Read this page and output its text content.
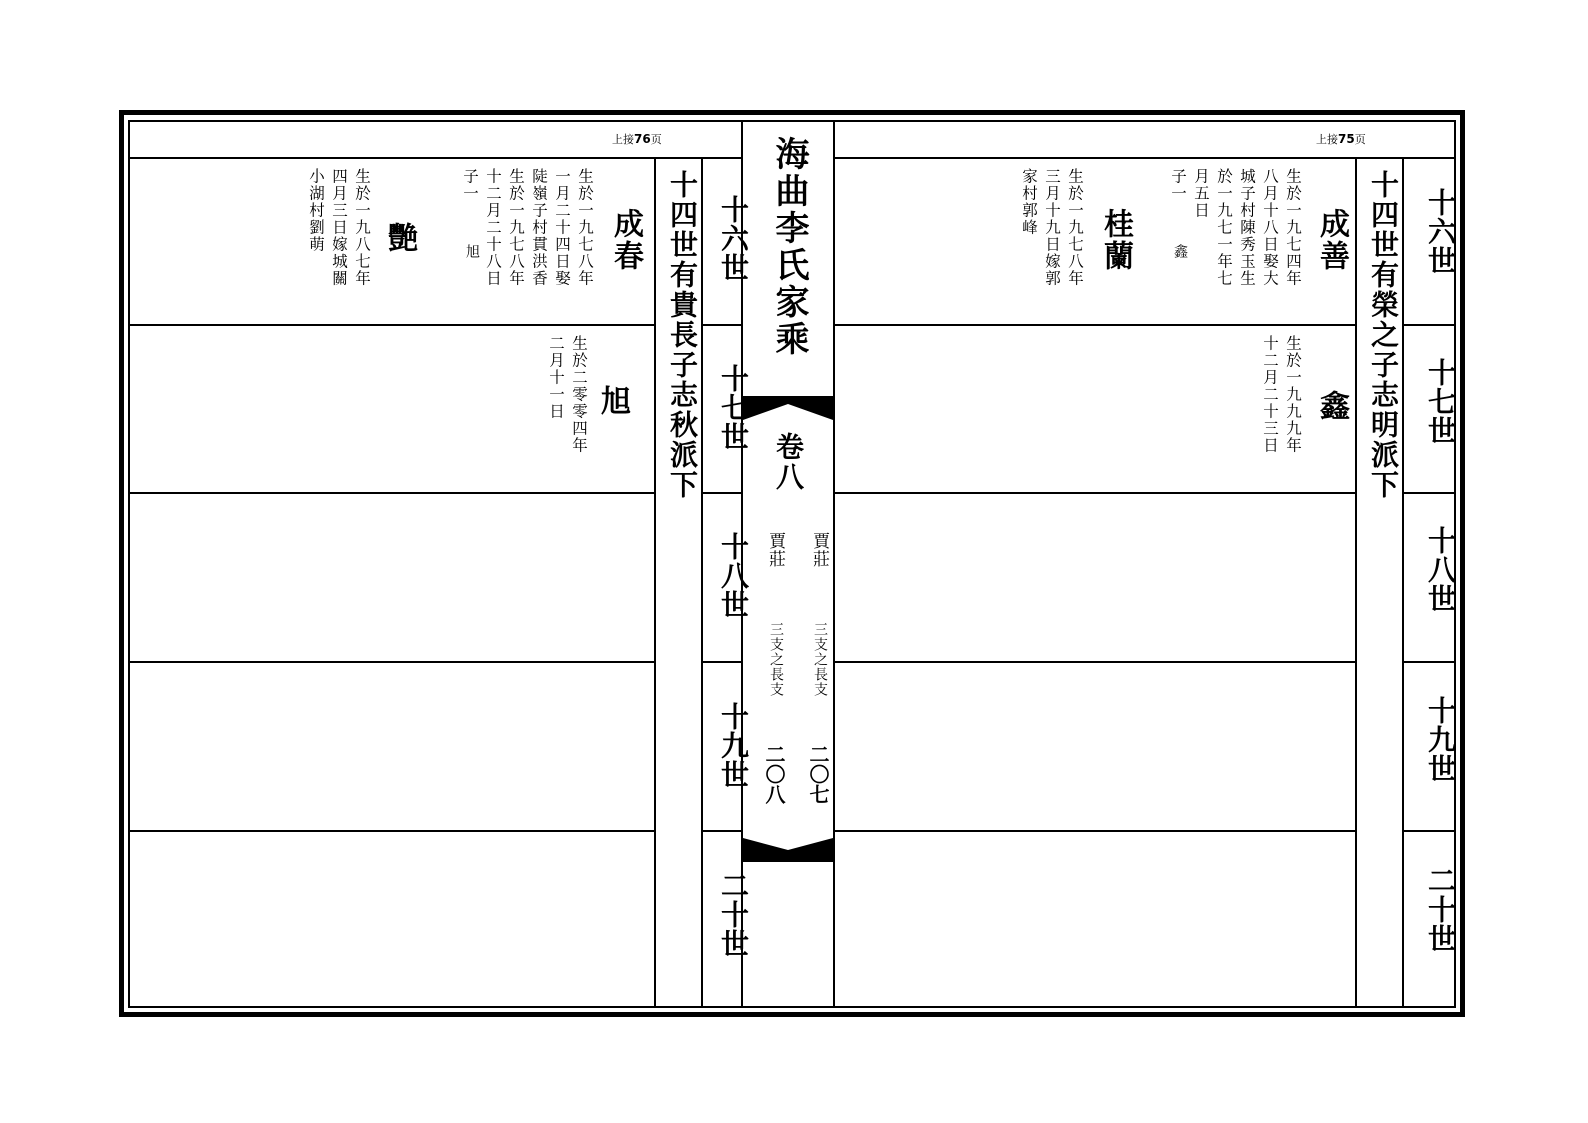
海曲李氏家乘
卷八
賈莊
賈莊
三支之長支
三支之長支
二〇七
二〇八
上接76页
十四世有貴長子志秋派下 十六世
十七世
十八世
十九世
二十世
成春
生於一九七八年
一月二十四日娶
陡嶺子村貫洪香
生於一九七八年
十二月二十八日
子一
旭
艷
生於一九八七年
四月三日嫁城關
小湖村劉萌
旭
生於二零零四年
二月十一日
上接75页
十四世有榮之子志明派下 十六世
十七世
十八世
十九世
二十世
成善
生於一九七四年
八月十八日娶大
城子村陳秀玉生
於一九七一年七
月五日
子一
鑫
桂蘭
生於一九七八年
三月十九日嫁郭
家村郭峰
鑫
生於一九九九年
十二月二十三日
